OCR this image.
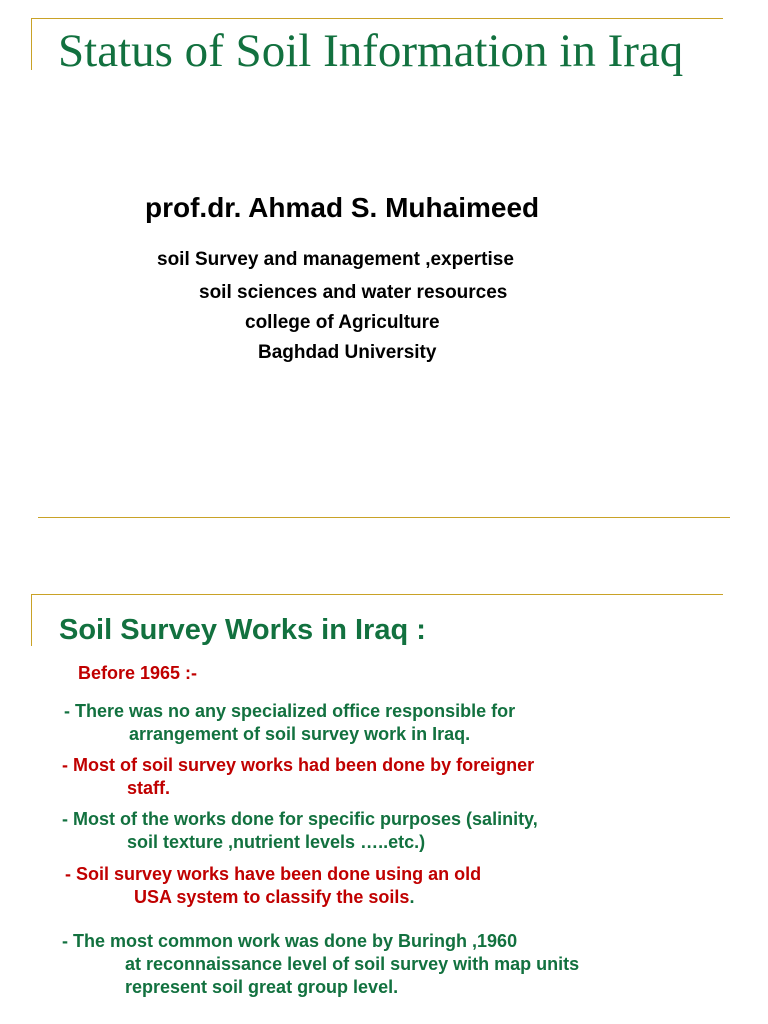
Status of Soil Information in Iraq
prof.dr. Ahmad S. Muhaimeed
soil Survey and management ,expertise
soil sciences and water resources
college of Agriculture
Baghdad University
Soil Survey Works in Iraq :
Before 1965 :-
- There was no any specialized office responsible for
arrangement of soil survey work in Iraq.
- Most of soil survey works had been done by foreigner
staff.
- Most of the works done for specific purposes (salinity,
soil texture ,nutrient levels …..etc.)
- Soil survey works have been done using an old
USA system to classify the soils.
- The most common work was done by Buringh ,1960
at reconnaissance level of soil survey with map units
represent soil great group level.
